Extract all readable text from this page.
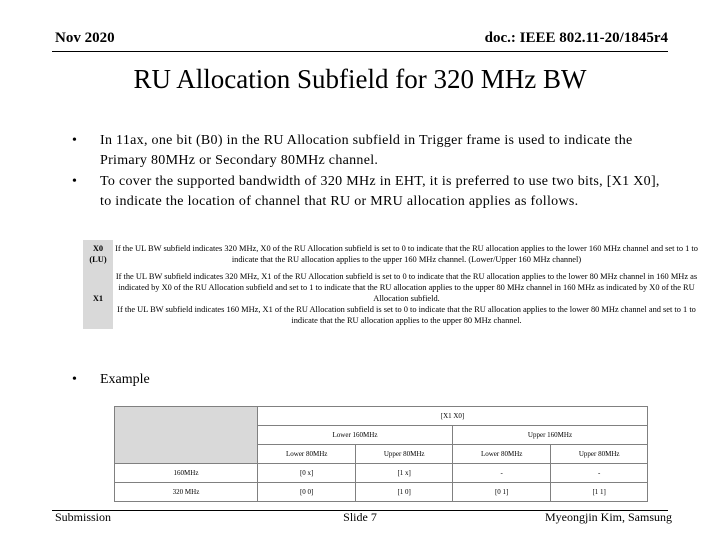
Nov 2020	doc.: IEEE 802.11-20/1845r4
RU Allocation Subfield for 320 MHz BW
• In 11ax, one bit (B0) in the RU Allocation subfield in Trigger frame is used to indicate the Primary 80MHz or Secondary 80MHz channel.
• To cover the supported bandwidth of 320 MHz in EHT, it is preferred to use two bits, [X1 X0], to indicate the location of channel that RU or MRU allocation applies as follows.
X0
(LU)	If the UL BW subfield indicates 320 MHz, X0 of the RU Allocation subfield is set to 0 to indicate that the RU allocation applies to the lower 160 MHz channel and set to 1 to indicate that the RU allocation applies to the upper 160 MHz channel. (Lower/Upper 160 MHz channel)

X1	If the UL BW subfield indicates 320 MHz, X1 of the RU Allocation subfield is set to 0 to indicate that the RU allocation applies to the lower 80 MHz channel in 160 MHz as indicated by X0 of the RU Allocation subfield and set to 1 to indicate that the RU allocation applies to the upper 80 MHz channel in 160 MHz as indicated by X0 of the RU Allocation subfield.
If the UL BW subfield indicates 160 MHz, X1 of the RU Allocation subfield is set to 0 to indicate that the RU allocation applies to the lower 80 MHz channel and set to 1 to indicate that the RU allocation applies to the upper 80 MHz channel.
• Example
	[X1 X0]			
	Lower 160MHz		Upper 160MHz	
	Lower 80MHz	Upper 80MHz	Lower 80MHz	Upper 80MHz
160MHz	[0 x]	[1 x]	-	-
320 MHz	[0 0]	[1 0]	[0 1]	[1 1]
Submission	Slide 7	Myeongjin Kim, Samsung
